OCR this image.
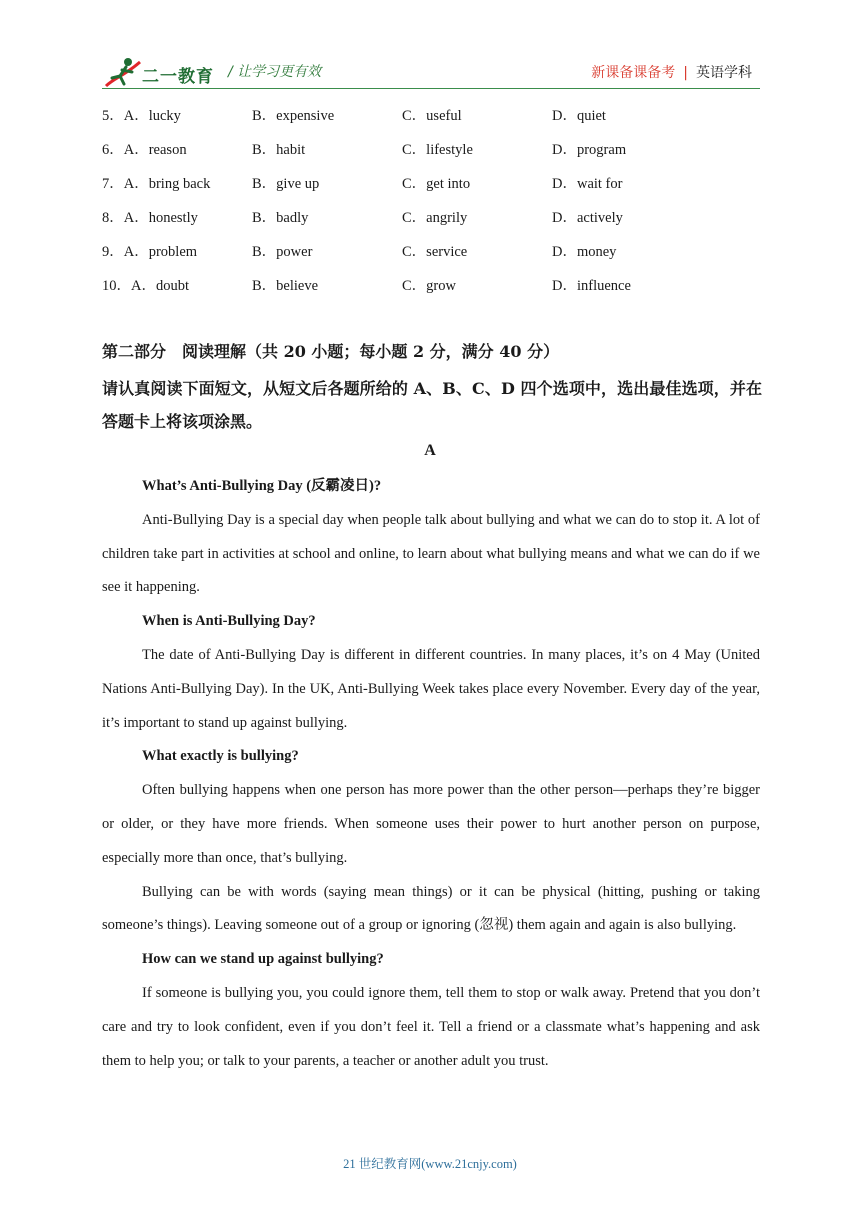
二一教育 / 让学习更有效	新课备课备考 | 英语学科
5．A．lucky	B．expensive	C．useful	D．quiet
6．A．reason	B．habit	C．lifestyle	D．program
7．A．bring back	B．give up	C．get into	D．wait for
8．A．honestly	B．badly	C．angrily	D．actively
9．A．problem	B．power	C．service	D．money
10．A．doubt	B．believe	C．grow	D．influence
第二部分　阅读理解（共 20 小题；每小题 2 分，满分 40 分）
请认真阅读下面短文，从短文后各题所给的 A、B、C、D 四个选项中，选出最佳选项，并在答题卡上将该项涂黑。
A

What’s Anti-Bullying Day (反霸凌日)?

Anti-Bullying Day is a special day when people talk about bullying and what we can do to stop it. A lot of children take part in activities at school and online, to learn about what bullying means and what we can do if we see it happening.

When is Anti-Bullying Day?

The date of Anti-Bullying Day is different in different countries. In many places, it’s on 4 May (United Nations Anti-Bullying Day). In the UK, Anti-Bullying Week takes place every November. Every day of the year, it’s important to stand up against bullying.

What exactly is bullying?

Often bullying happens when one person has more power than the other person—perhaps they’re bigger or older, or they have more friends. When someone uses their power to hurt another person on purpose, especially more than once, that’s bullying.

Bullying can be with words (saying mean things) or it can be physical (hitting, pushing or taking someone’s things). Leaving someone out of a group or ignoring (忽视) them again and again is also bullying.

How can we stand up against bullying?

If someone is bullying you, you could ignore them, tell them to stop or walk away. Pretend that you don’t care and try to look confident, even if you don’t feel it. Tell a friend or a classmate what’s happening and ask them to help you; or talk to your parents, a teacher or another adult you trust.

21 世纪教育网(www.21cnjy.com)
